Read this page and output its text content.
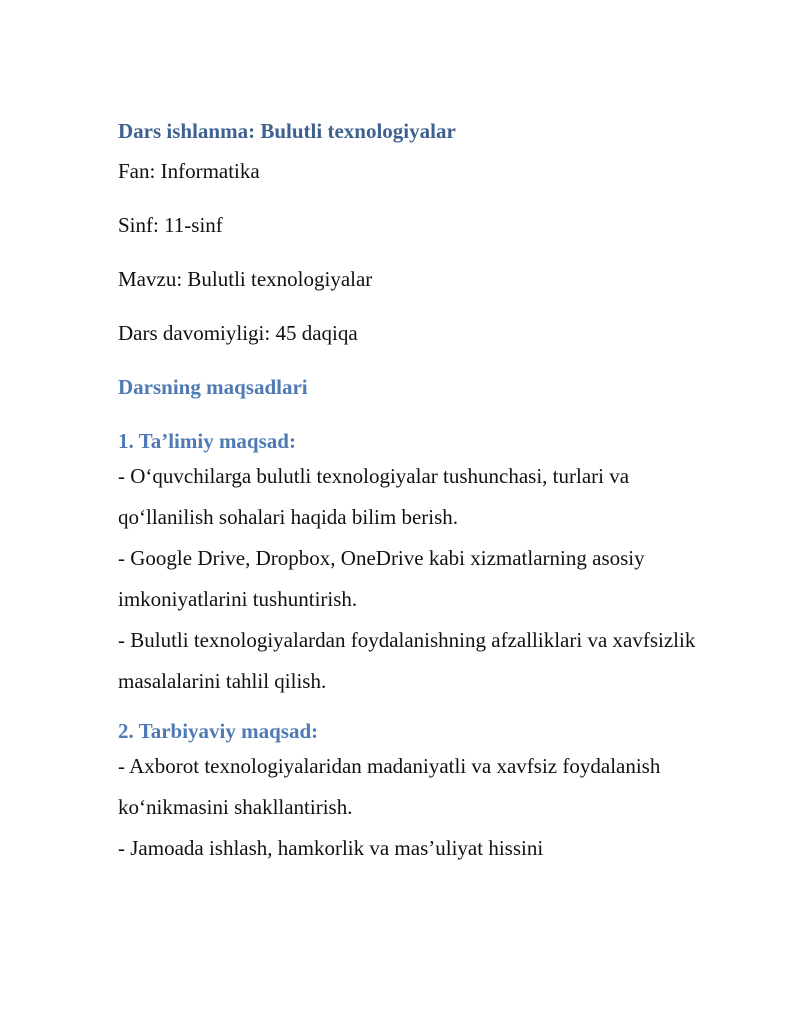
Dars ishlanma: Bulutli texnologiyalar
Fan: Informatika
Sinf: 11-sinf
Mavzu: Bulutli texnologiyalar
Dars davomiyligi: 45 daqiqa
Darsning maqsadlari
1. Ta’limiy maqsad:

- O‘quvchilarga bulutli texnologiyalar tushunchasi, turlari va qo‘llanilish sohalari haqida bilim berish.

- Google Drive, Dropbox, OneDrive kabi xizmatlarning asosiy imkoniyatlarini tushuntirish.

- Bulutli texnologiyalardan foydalanishning afzalliklari va xavfsizlik masalalarini tahlil qilish.

2. Tarbiyaviy maqsad:

- Axborot texnologiyalaridan madaniyatli va xavfsiz foydalanish ko‘nikmasini shakllantirish.

- Jamoada ishlash, hamkorlik va mas’uliyat hissini
